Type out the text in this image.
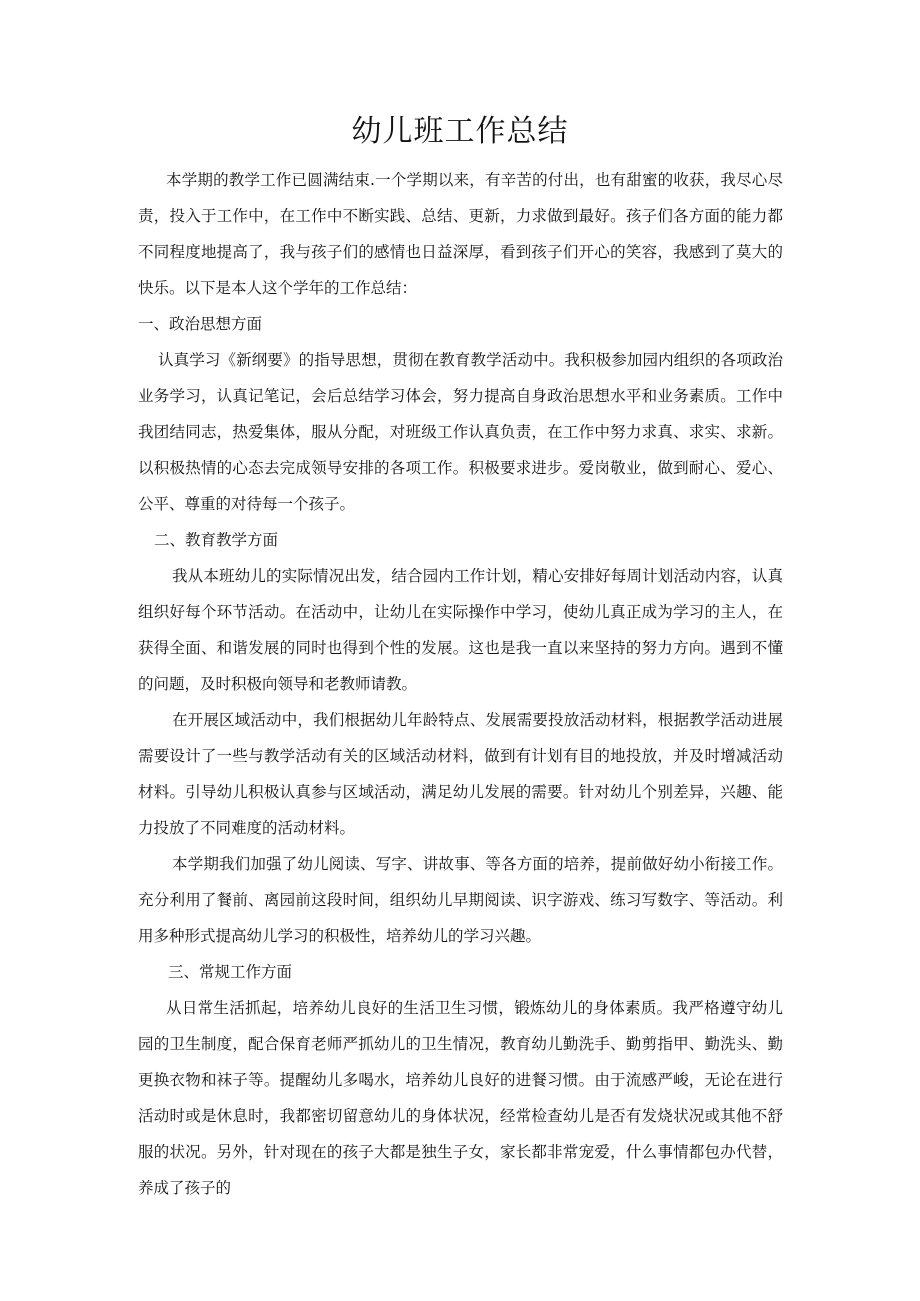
幼儿班工作总结

本学期的教学工作已圆满结束.一个学期以来，有辛苦的付出，也有甜蜜的收获，我尽心尽责，投入于工作中，在工作中不断实践、总结、更新，力求做到最好。孩子们各方面的能力都不同程度地提高了，我与孩子们的感情也日益深厚，看到孩子们开心的笑容，我感到了莫大的快乐。以下是本人这个学年的工作总结：

一、政治思想方面

认真学习《新纲要》的指导思想，贯彻在教育教学活动中。我积极参加园内组织的各项政治业务学习，认真记笔记，会后总结学习体会，努力提高自身政治思想水平和业务素质。工作中我团结同志，热爱集体，服从分配，对班级工作认真负责，在工作中努力求真、求实、求新。以积极热情的心态去完成领导安排的各项工作。积极要求进步。爱岗敬业，做到耐心、爱心、公平、尊重的对待每一个孩子。

二、教育教学方面

我从本班幼儿的实际情况出发，结合园内工作计划，精心安排好每周计划活动内容，认真组织好每个环节活动。在活动中，让幼儿在实际操作中学习，使幼儿真正成为学习的主人，在获得全面、和谐发展的同时也得到个性的发展。这也是我一直以来坚持的努力方向。遇到不懂的问题，及时积极向领导和老教师请教。

在开展区域活动中，我们根据幼儿年龄特点、发展需要投放活动材料，根据教学活动进展需要设计了一些与教学活动有关的区域活动材料，做到有计划有目的地投放，并及时增减活动材料。引导幼儿积极认真参与区域活动，满足幼儿发展的需要。针对幼儿个别差异，兴趣、能力投放了不同难度的活动材料。

本学期我们加强了幼儿阅读、写字、讲故事、等各方面的培养，提前做好幼小衔接工作。充分利用了餐前、离园前这段时间，组织幼儿早期阅读、识字游戏、练习写数字、等活动。利用多种形式提高幼儿学习的积极性，培养幼儿的学习兴趣。

三、常规工作方面

从日常生活抓起，培养幼儿良好的生活卫生习惯，锻炼幼儿的身体素质。我严格遵守幼儿园的卫生制度，配合保育老师严抓幼儿的卫生情况，教育幼儿勤洗手、勤剪指甲、勤洗头、勤更换衣物和袜子等。提醒幼儿多喝水，培养幼儿良好的进餐习惯。由于流感严峻，无论在进行活动时或是休息时，我都密切留意幼儿的身体状况，经常检查幼儿是否有发烧状况或其他不舒服的状况。另外，针对现在的孩子大都是独生子女，家长都非常宠爱，什么事情都包办代替，养成了孩子的
